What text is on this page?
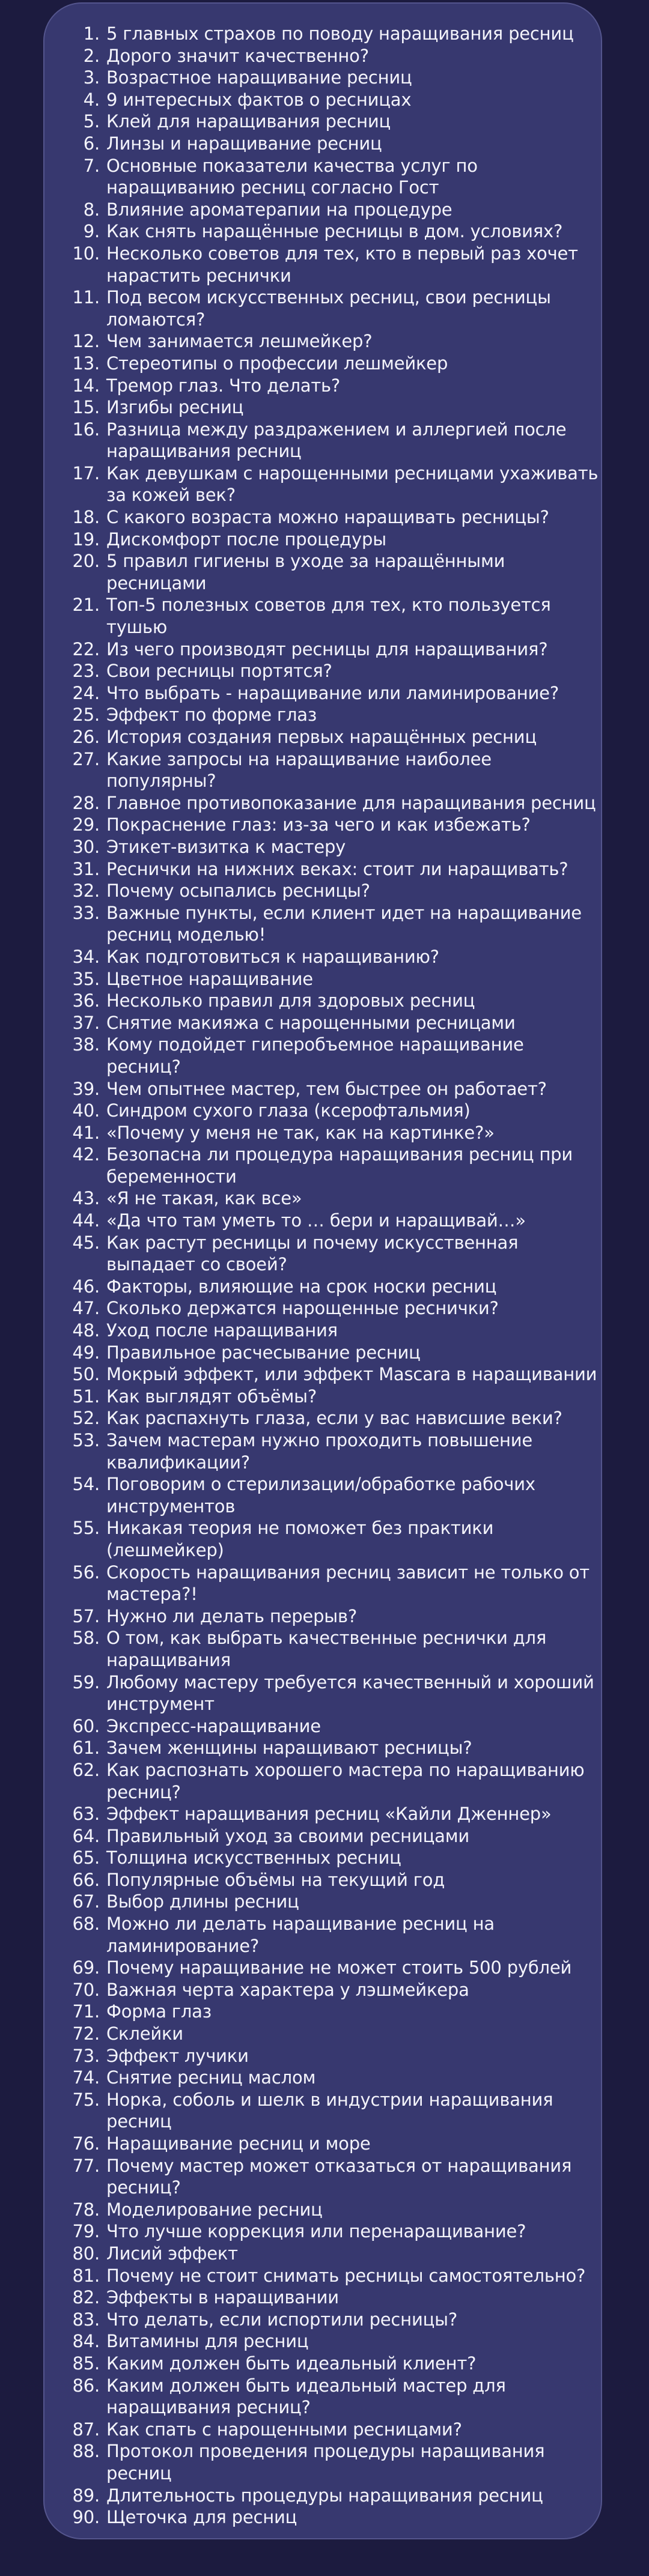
1. 5 главных страхов по поводу наращивания ресниц
2. Дорого значит качественно?
3. Возрастное наращивание ресниц
4. 9 интересных фактов о ресницах
5. Клей для наращивания ресниц
6. Линзы и наращивание ресниц
7. Основные показатели качества услуг по наращиванию ресниц согласно Гост
8. Влияние ароматерапии на процедуре
9. Как снять наращённые ресницы в дом. условиях?
10. Несколько советов для тех, кто в первый раз хочет нарастить реснички
11. Под весом искусственных ресниц, свои ресницы ломаются?
12. Чем занимается лешмейкер?
13. Стереотипы о профессии лешмейкер
14. Тремор глаз. Что делать?
15. Изгибы ресниц
16. Разница между раздражением и аллергией после наращивания ресниц
17. Как девушкам с нарощенными ресницами ухаживать за кожей век?
18. С какого возраста можно наращивать ресницы?
19. Дискомфорт после процедуры
20. 5 правил гигиены в уходе за наращёнными ресницами
21. Топ-5 полезных советов для тех, кто пользуется тушью
22. Из чего производят ресницы для наращивания?
23. Свои ресницы портятся?
24. Что выбрать - наращивание или ламинирование?
25. Эффект по форме глаз
26. История создания первых наращённых ресниц
27. Какие запросы на наращивание наиболее популярны?
28. Главное противопоказание для наращивания ресниц
29. Покраснение глаз: из-за чего и как избежать?
30. Этикет-визитка к мастеру
31. Реснички на нижних веках: стоит ли наращивать?
32. Почему осыпались ресницы?
33. Важные пункты, если клиент идет на наращивание ресниц моделью!
34. Как подготовиться к наращиванию?
35. Цветное наращивание
36. Несколько правил для здоровых ресниц
37. Снятие макияжа с нарощенными ресницами
38. Кому подойдет гиперобъемное наращивание ресниц?
39. Чем опытнее мастер, тем быстрее он работает?
40. Синдром сухого глаза (ксерофтальмия)
41. «Почему у меня не так, как на картинке?»
42. Безопасна ли процедура наращивания ресниц при беременности
43. «Я не такая, как все»
44. «Да что там уметь то … бери и наращивай…»
45. Как растут ресницы и почему искусственная выпадает со своей?
46. Факторы, влияющие на срок носки ресниц
47. Сколько держатся нарощенные реснички?
48. Уход после наращивания
49. Правильное расчесывание ресниц
50. Мокрый эффект, или эффект Mascara в наращивании
51. Как выглядят объёмы?
52. Как распахнуть глаза, если у вас нависшие веки?
53. Зачем мастерам нужно проходить повышение квалификации?
54. Поговорим о стерилизации/обработке рабочих инструментов
55. Никакая теория не поможет без практики (лешмейкер)
56. Скорость наращивания ресниц зависит не только от мастера?!
57. Нужно ли делать перерыв?
58. О том, как выбрать качественные реснички для наращивания
59. Любому мастеру требуется качественный и хороший инструмент
60. Экспресс-наращивание
61. Зачем женщины наращивают ресницы?
62. Как распознать хорошего мастера по наращиванию ресниц?
63. Эффект наращивания ресниц «Кайли Дженнер»
64. Правильный уход за своими ресницами
65. Толщина искусственных ресниц
66. Популярные объёмы на текущий год
67. Выбор длины ресниц
68. Можно ли делать наращивание ресниц на ламинирование?
69. Почему наращивание не может стоить 500 рублей
70. Важная черта характера у лэшмейкера
71. Форма глаз
72. Склейки
73. Эффект лучики
74. Снятие ресниц маслом
75. Норка, соболь и шелк в индустрии наращивания ресниц
76. Наращивание ресниц и море
77. Почему мастер может отказаться от наращивания ресниц?
78. Моделирование ресниц
79. Что лучше коррекция или перенаращивание?
80. Лисий эффект
81. Почему не стоит снимать ресницы самостоятельно?
82. Эффекты в наращивании
83. Что делать, если испортили ресницы?
84. Витамины для ресниц
85. Каким должен быть идеальный клиент?
86. Каким должен быть идеальный мастер для наращивания ресниц?
87. Как спать с нарощенными ресницами?
88. Протокол проведения процедуры наращивания ресниц
89. Длительность процедуры наращивания ресниц
90. Щеточка для ресниц
